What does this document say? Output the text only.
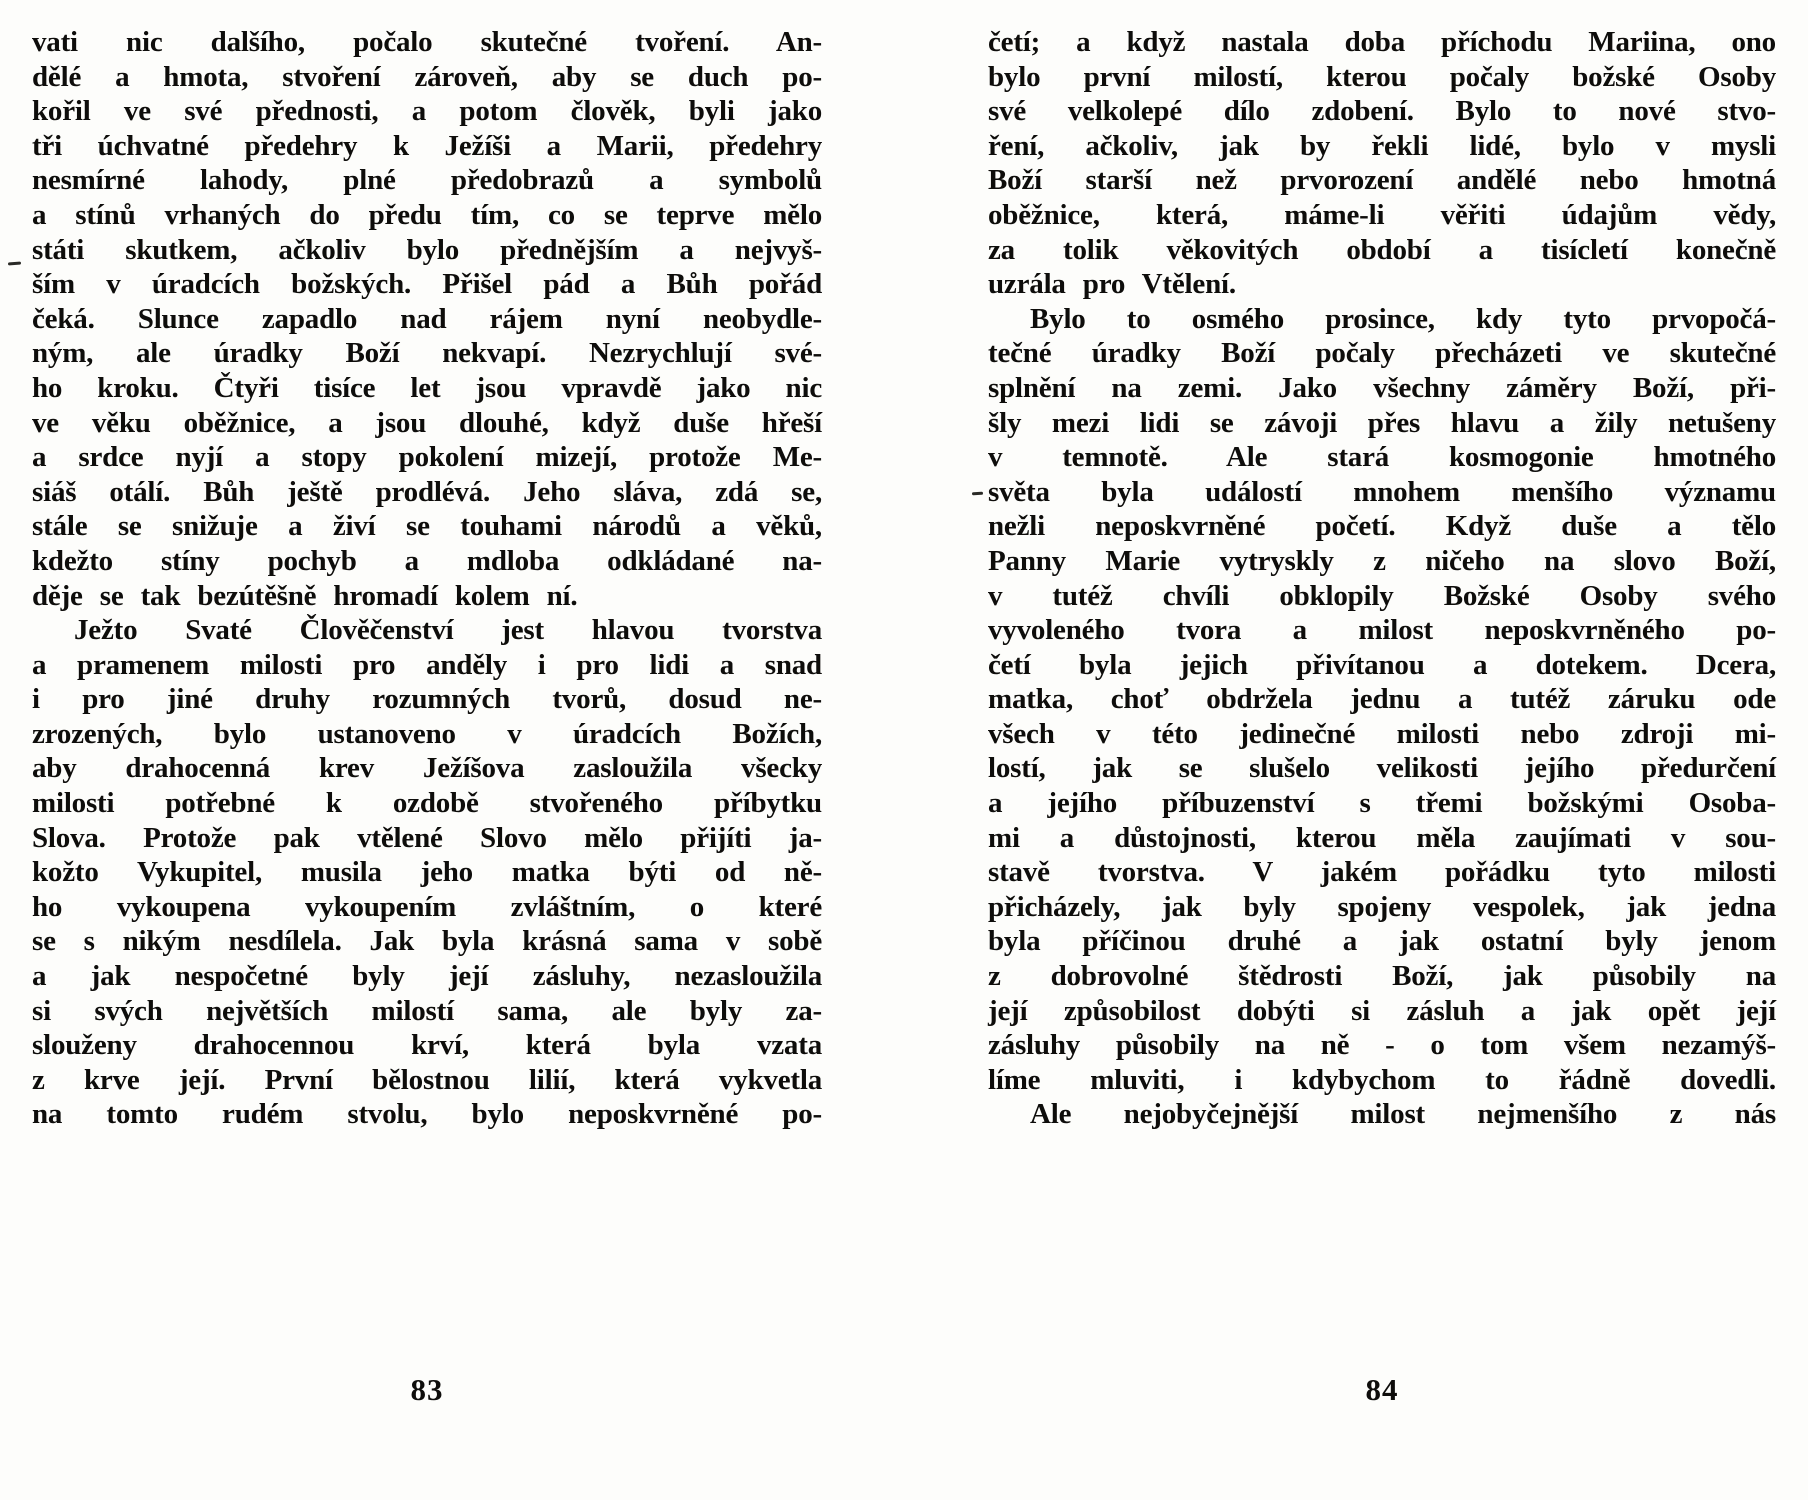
vati nic dalšího, počalo skutečné tvoření. An-
dělé a hmota, stvoření zároveň, aby se duch po-
kořil ve své přednosti, a potom člověk, byli jako
tři úchvatné předehry k Ježíši a Marii, předehry
nesmírné lahody, plné předobrazů a symbolů
a stínů vrhaných do předu tím, co se teprve mělo
státi skutkem, ačkoliv bylo přednějším a nejvyš-
ším v úradcích božských. Přišel pád a Bůh pořád
čeká. Slunce zapadlo nad rájem nyní neobydle-
ným, ale úradky Boží nekvapí. Nezrychlují své-
ho kroku. Čtyři tisíce let jsou vpravdě jako nic
ve věku oběžnice, a jsou dlouhé, když duše hřeší
a srdce nyjí a stopy pokolení mizejí, protože Me-
siáš otálí. Bůh ještě prodlévá. Jeho sláva, zdá se,
stále se snižuje a živí se touhami národů a věků,
kdežto stíny pochyb a mdloba odkládané na-
děje se tak bezútěšně hromadí kolem ní.
Ježto Svaté Člověčenství jest hlavou tvorstva
a pramenem milosti pro anděly i pro lidi a snad
i pro jiné druhy rozumných tvorů, dosud ne-
zrozených, bylo ustanoveno v úradcích Božích,
aby drahocenná krev Ježíšova zasloužila všecky
milosti potřebné k ozdobě stvořeného příbytku
Slova. Protože pak vtělené Slovo mělo přijíti ja-
kožto Vykupitel, musila jeho matka býti od ně-
ho vykoupena vykoupením zvláštním, o které
se s nikým nesdílela. Jak byla krásná sama v sobě
a jak nespočetné byly její zásluhy, nezasloužila
si svých největších milostí sama, ale byly za-
slouženy drahocennou krví, která byla vzata
z krve její. První bělostnou lilií, která vykvetla
na tomto rudém stvolu, bylo neposkvrněné po-
83
četí; a když nastala doba příchodu Mariina, ono
bylo první milostí, kterou počaly božské Osoby
své velkolepé dílo zdobení. Bylo to nové stvo-
ření, ačkoliv, jak by řekli lidé, bylo v mysli
Boží starší než prvorození andělé nebo hmotná
oběžnice, která, máme-li věřiti údajům vědy,
za tolik věkovitých období a tisícletí konečně
uzrála pro Vtělení.
Bylo to osmého prosince, kdy tyto prvopočá-
tečné úradky Boží počaly přecházeti ve skutečné
splnění na zemi. Jako všechny záměry Boží, při-
šly mezi lidi se závoji přes hlavu a žily netušeny
v temnotě. Ale stará kosmogonie hmotného
světa byla událostí mnohem menšího významu
nežli neposkvrněné početí. Když duše a tělo
Panny Marie vytryskly z ničeho na slovo Boží,
v tutéž chvíli obklopily Božské Osoby svého
vyvoleného tvora a milost neposkvrněného po-
četí byla jejich přivítanou a dotekem. Dcera,
matka, choť obdržela jednu a tutéž záruku ode
všech v této jedinečné milosti nebo zdroji mi-
lostí, jak se slušelo velikosti jejího předurčení
a jejího příbuzenství s třemi božskými Osoba-
mi a důstojnosti, kterou měla zaujímati v sou-
stavě tvorstva. V jakém pořádku tyto milosti
přicházely, jak byly spojeny vespolek, jak jedna
byla příčinou druhé a jak ostatní byly jenom
z dobrovolné štědrosti Boží, jak působily na
její způsobilost dobýti si zásluh a jak opět její
zásluhy působily na ně - o tom všem nezamýš-
líme mluviti, i kdybychom to řádně dovedli.
Ale nejobyčejnější milost nejmenšího z nás
84
